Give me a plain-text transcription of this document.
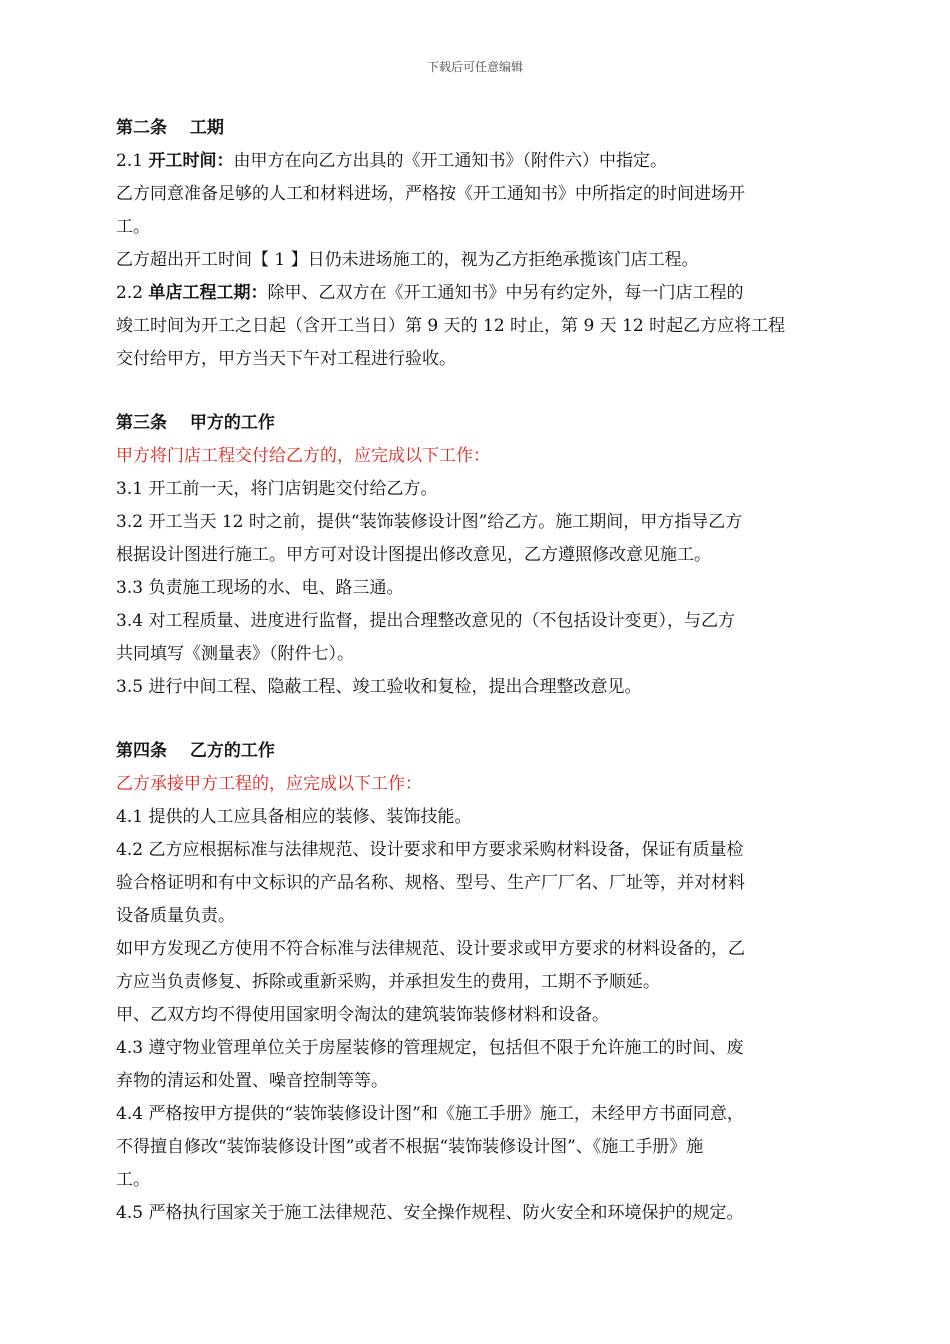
下载后可任意编辑
第二条　 工期
2.1 开工时间：由甲方在向乙方出具的《开工通知书》（附件六）中指定。
乙方同意准备足够的人工和材料进场，严格按《开工通知书》中所指定的时间进场开
工。
乙方超出开工时间【 1 】日仍未进场施工的，视为乙方拒绝承揽该门店工程。
2.2 单店工程工期：除甲、乙双方在《开工通知书》中另有约定外，每一门店工程的
竣工时间为开工之日起（含开工当日）第 9 天的 12 时止，第 9 天 12 时起乙方应将工程
交付给甲方，甲方当天下午对工程进行验收。
第三条　 甲方的工作
甲方将门店工程交付给乙方的，应完成以下工作：
3.1 开工前一天，将门店钥匙交付给乙方。
3.2 开工当天 12 时之前，提供“装饰装修设计图”给乙方。施工期间，甲方指导乙方
根据设计图进行施工。甲方可对设计图提出修改意见，乙方遵照修改意见施工。
3.3 负责施工现场的水、电、路三通。
3.4 对工程质量、进度进行监督，提出合理整改意见的（不包括设计变更），与乙方
共同填写《测量表》（附件七）。
3.5 进行中间工程、隐蔽工程、竣工验收和复检，提出合理整改意见。
第四条　 乙方的工作
乙方承接甲方工程的，应完成以下工作：
4.1 提供的人工应具备相应的装修、装饰技能。
4.2 乙方应根据标准与法律规范、设计要求和甲方要求采购材料设备，保证有质量检
验合格证明和有中文标识的产品名称、规格、型号、生产厂厂名、厂址等，并对材料
设备质量负责。
如甲方发现乙方使用不符合标准与法律规范、设计要求或甲方要求的材料设备的，乙
方应当负责修复、拆除或重新采购，并承担发生的费用，工期不予顺延。
甲、乙双方均不得使用国家明令淘汰的建筑装饰装修材料和设备。
4.3 遵守物业管理单位关于房屋装修的管理规定，包括但不限于允许施工的时间、废
弃物的清运和处置、噪音控制等等。
4.4 严格按甲方提供的“装饰装修设计图”和《施工手册》施工，未经甲方书面同意，
不得擅自修改“装饰装修设计图”或者不根据“装饰装修设计图”、《施工手册》施
工。
4.5 严格执行国家关于施工法律规范、安全操作规程、防火安全和环境保护的规定。
